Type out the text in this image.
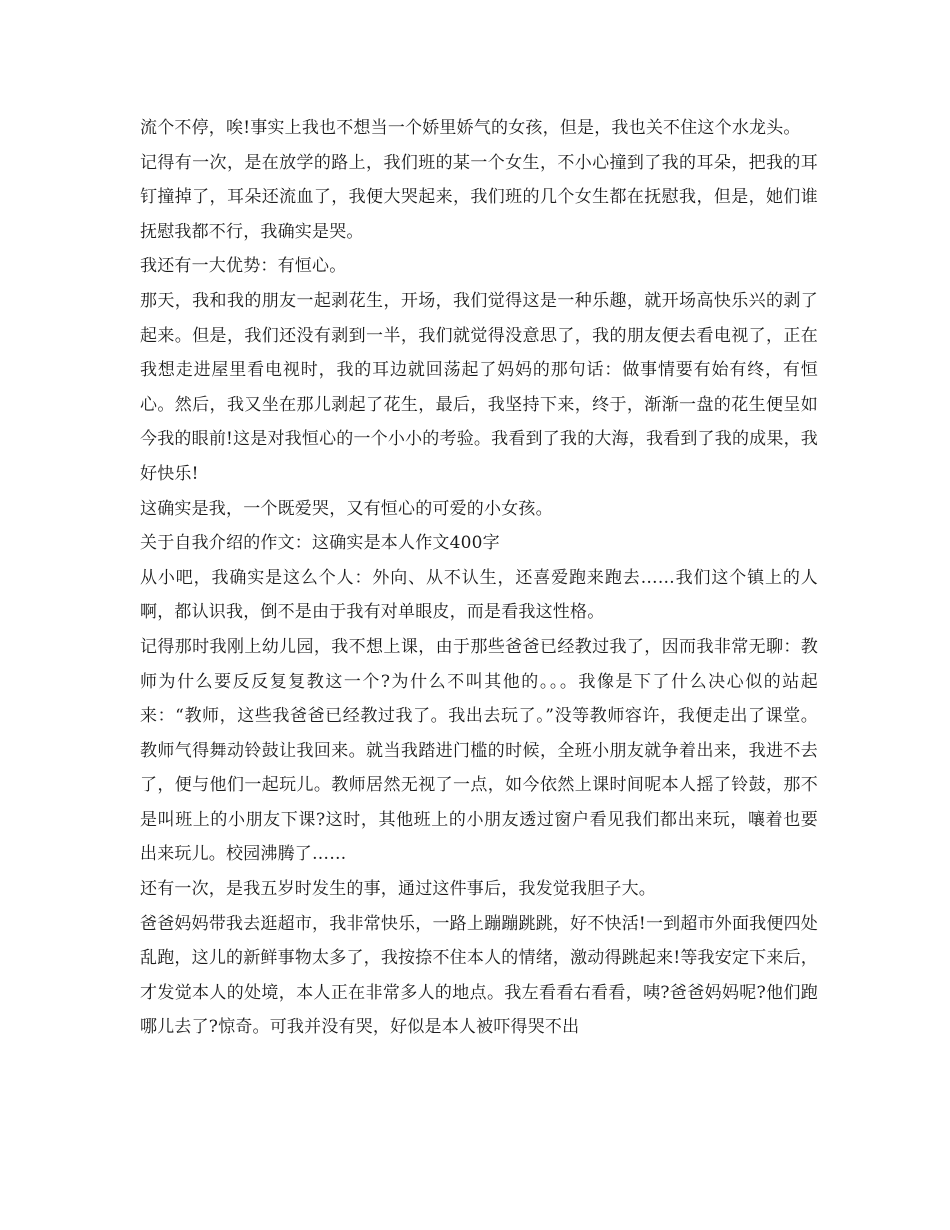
流个不停，唉!事实上我也不想当一个娇里娇气的女孩，但是，我也关不住这个水龙头。

记得有一次，是在放学的路上，我们班的某一个女生，不小心撞到了我的耳朵，把我的耳钉撞掉了，耳朵还流血了，我便大哭起来，我们班的几个女生都在抚慰我，但是，她们谁抚慰我都不行，我确实是哭。

我还有一大优势：有恒心。

那天，我和我的朋友一起剥花生，开场，我们觉得这是一种乐趣，就开场高快乐兴的剥了起来。但是，我们还没有剥到一半，我们就觉得没意思了，我的朋友便去看电视了，正在我想走进屋里看电视时，我的耳边就回荡起了妈妈的那句话：做事情要有始有终，有恒心。然后，我又坐在那儿剥起了花生，最后，我坚持下来，终于，渐渐一盘的花生便呈如今我的眼前!这是对我恒心的一个小小的考验。我看到了我的大海，我看到了我的成果，我好快乐!

这确实是我，一个既爱哭，又有恒心的可爱的小女孩。

关于自我介绍的作文：这确实是本人作文400字

从小吧，我确实是这么个人：外向、从不认生，还喜爱跑来跑去……我们这个镇上的人啊，都认识我，倒不是由于我有对单眼皮，而是看我这性格。

记得那时我刚上幼儿园，我不想上课，由于那些爸爸已经教过我了，因而我非常无聊：教师为什么要反反复复教这一个?为什么不叫其他的。。。我像是下了什么决心似的站起来：“教师，这些我爸爸已经教过我了。我出去玩了。”没等教师容许，我便走出了课堂。教师气得舞动铃鼓让我回来。就当我踏进门槛的时候，全班小朋友就争着出来，我进不去了，便与他们一起玩儿。教师居然无视了一点，如今依然上课时间呢本人摇了铃鼓，那不是叫班上的小朋友下课?这时，其他班上的小朋友透过窗户看见我们都出来玩，嚷着也要出来玩儿。校园沸腾了……

还有一次，是我五岁时发生的事，通过这件事后，我发觉我胆子大。

爸爸妈妈带我去逛超市，我非常快乐，一路上蹦蹦跳跳，好不快活!一到超市外面我便四处乱跑，这儿的新鲜事物太多了，我按捺不住本人的情绪，激动得跳起来!等我安定下来后，才发觉本人的处境，本人正在非常多人的地点。我左看看右看看，咦?爸爸妈妈呢?他们跑哪儿去了?惊奇。可我并没有哭，好似是本人被吓得哭不出
